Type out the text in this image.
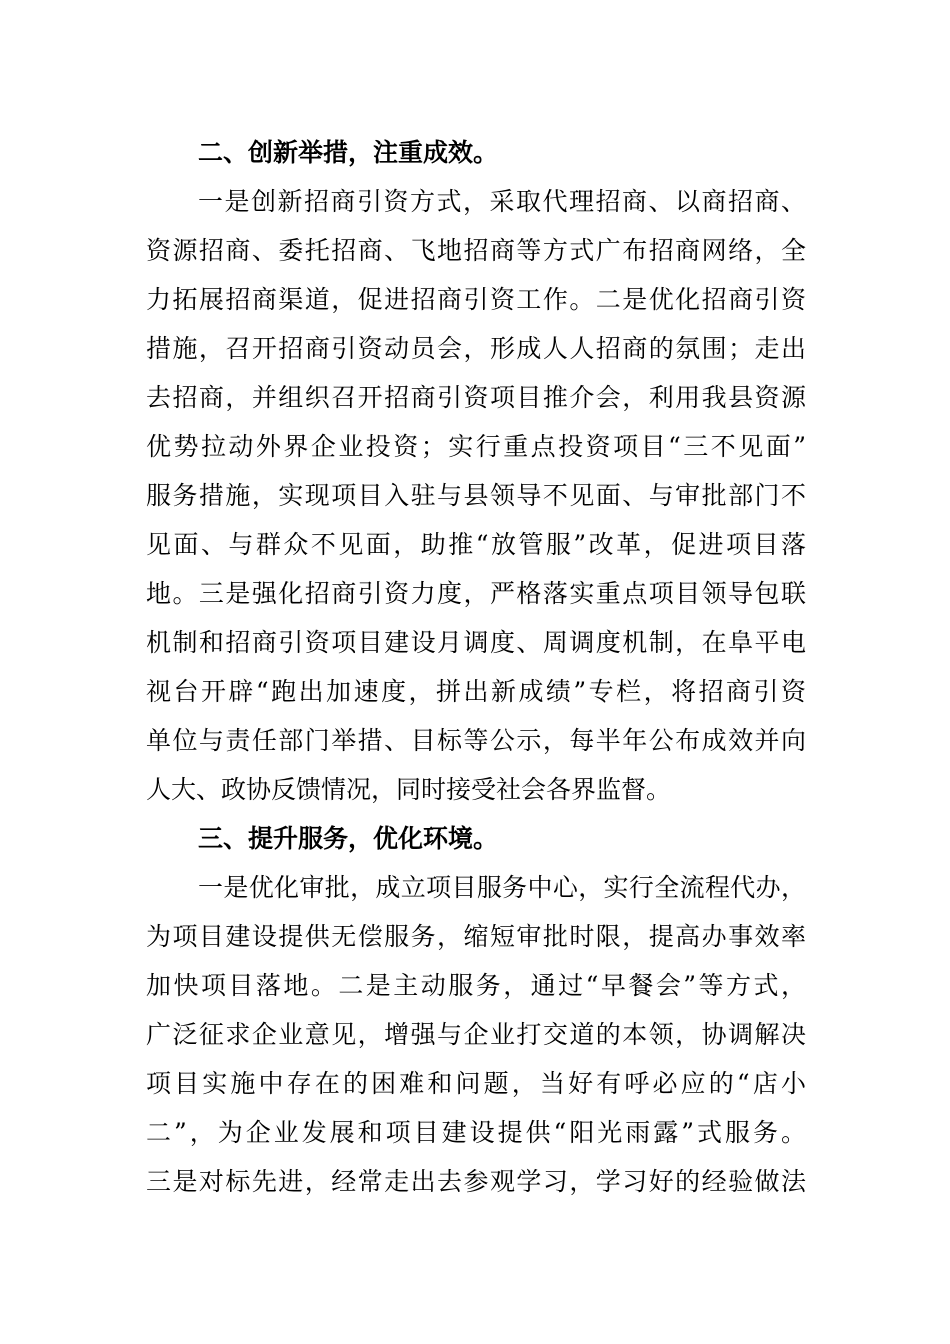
二、创新举措，注重成效。
一是创新招商引资方式，采取代理招商、以商招商、
资源招商、委托招商、飞地招商等方式广布招商网络，全
力拓展招商渠道，促进招商引资工作。二是优化招商引资
措施，召开招商引资动员会，形成人人招商的氛围；走出
去招商，并组织召开招商引资项目推介会，利用我县资源
优势拉动外界企业投资；实行重点投资项目“三不见面”
服务措施，实现项目入驻与县领导不见面、与审批部门不
见面、与群众不见面，助推“放管服”改革，促进项目落
地。三是强化招商引资力度，严格落实重点项目领导包联
机制和招商引资项目建设月调度、周调度机制，在阜平电
视台开辟“跑出加速度，拼出新成绩”专栏，将招商引资
单位与责任部门举措、目标等公示，每半年公布成效并向
人大、政协反馈情况，同时接受社会各界监督。
三、提升服务，优化环境。
一是优化审批，成立项目服务中心，实行全流程代办，
为项目建设提供无偿服务，缩短审批时限，提高办事效率
加快项目落地。二是主动服务，通过“早餐会”等方式，
广泛征求企业意见，增强与企业打交道的本领，协调解决
项目实施中存在的困难和问题，当好有呼必应的“店小
二”，为企业发展和项目建设提供“阳光雨露”式服务。
三是对标先进，经常走出去参观学习，学习好的经验做法
